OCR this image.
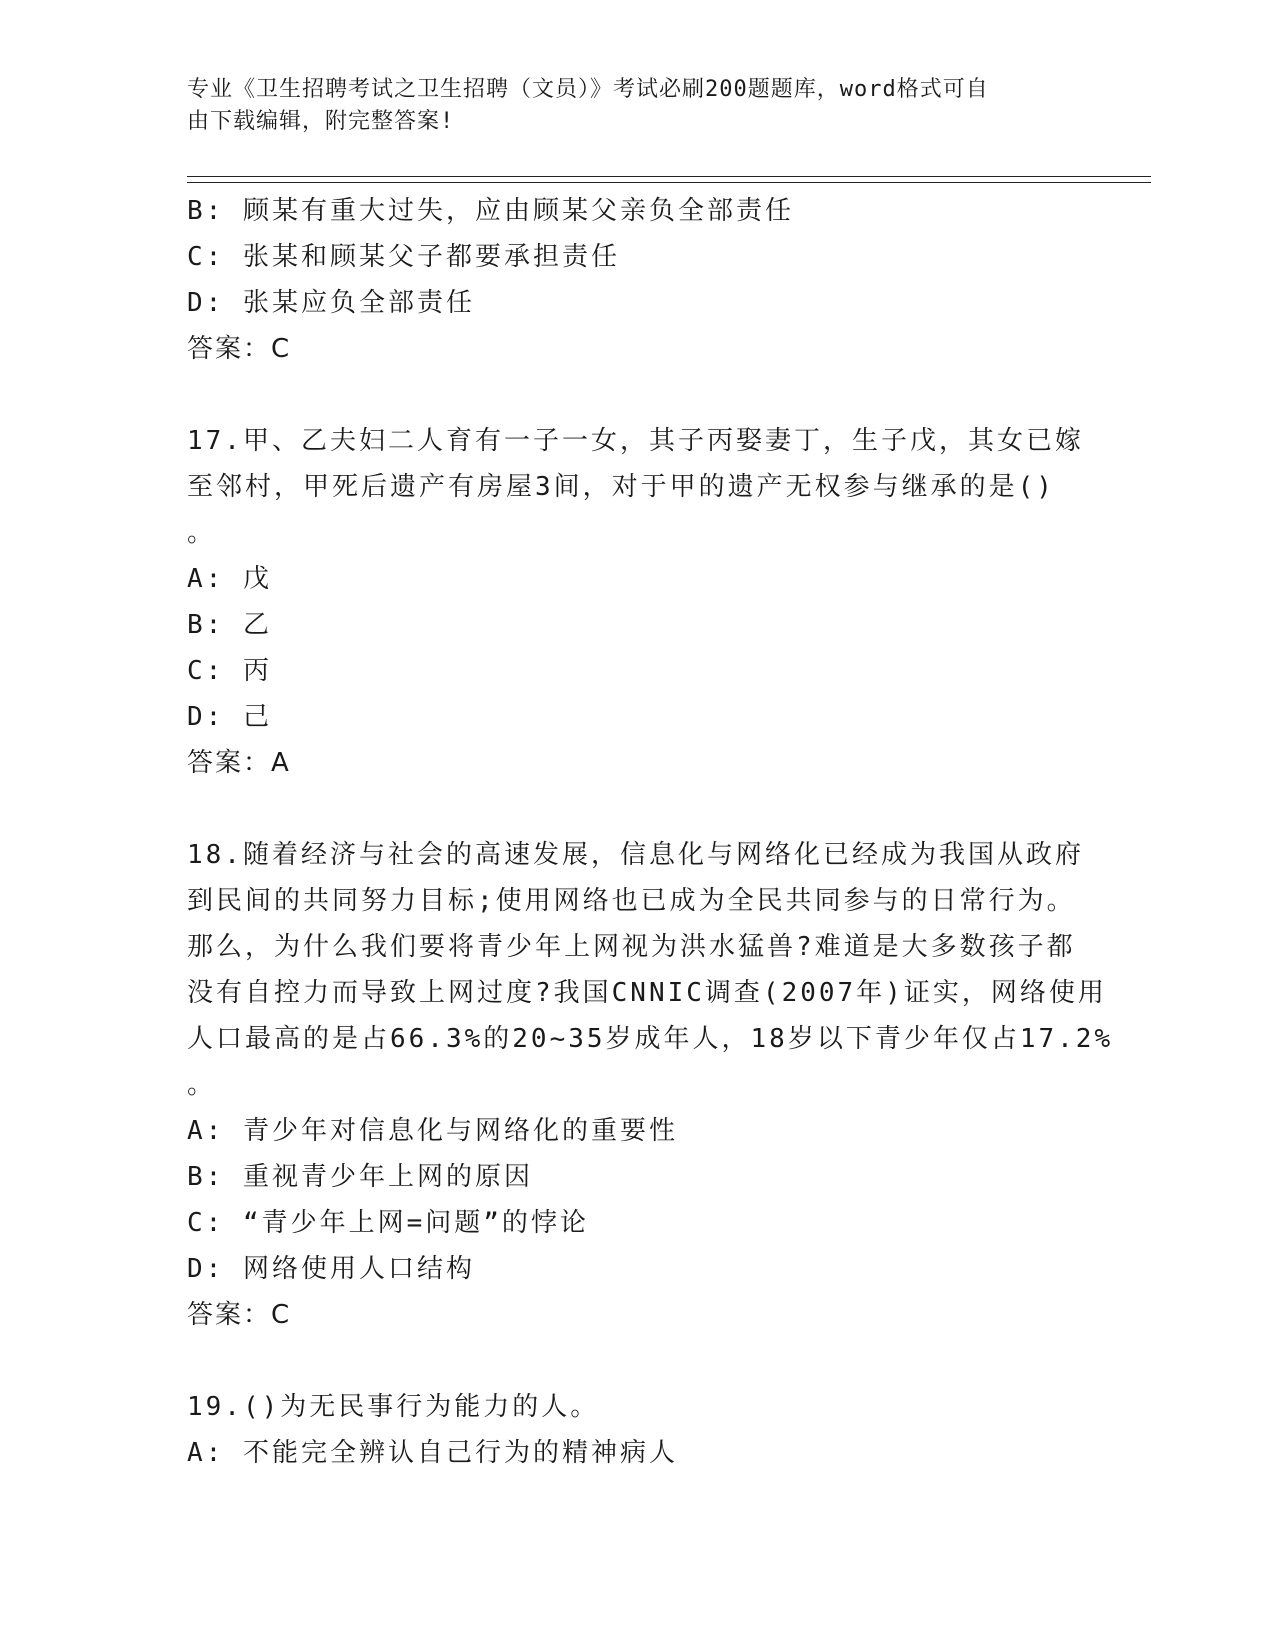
专业《卫生招聘考试之卫生招聘（文员）》考试必刷200题题库，word格式可自
由下载编辑，附完整答案!
B: 顾某有重大过失，应由顾某父亲负全部责任
C: 张某和顾某父子都要承担责任
D: 张某应负全部责任
答案：C
17.甲、乙夫妇二人育有一子一女，其子丙娶妻丁，生子戊，其女已嫁
至邻村，甲死后遗产有房屋3间，对于甲的遗产无权参与继承的是()
。
A: 戊
B: 乙
C: 丙
D: 己
答案：A
18.随着经济与社会的高速发展，信息化与网络化已经成为我国从政府
到民间的共同努力目标;使用网络也已成为全民共同参与的日常行为。
那么，为什么我们要将青少年上网视为洪水猛兽?难道是大多数孩子都
没有自控力而导致上网过度?我国CNNIC调查(2007年)证实，网络使用
人口最高的是占66.3%的20~35岁成年人，18岁以下青少年仅占17.2%
。
A: 青少年对信息化与网络化的重要性
B: 重视青少年上网的原因
C: “青少年上网=问题”的悖论
D: 网络使用人口结构
答案：C
19.()为无民事行为能力的人。
A: 不能完全辨认自己行为的精神病人
